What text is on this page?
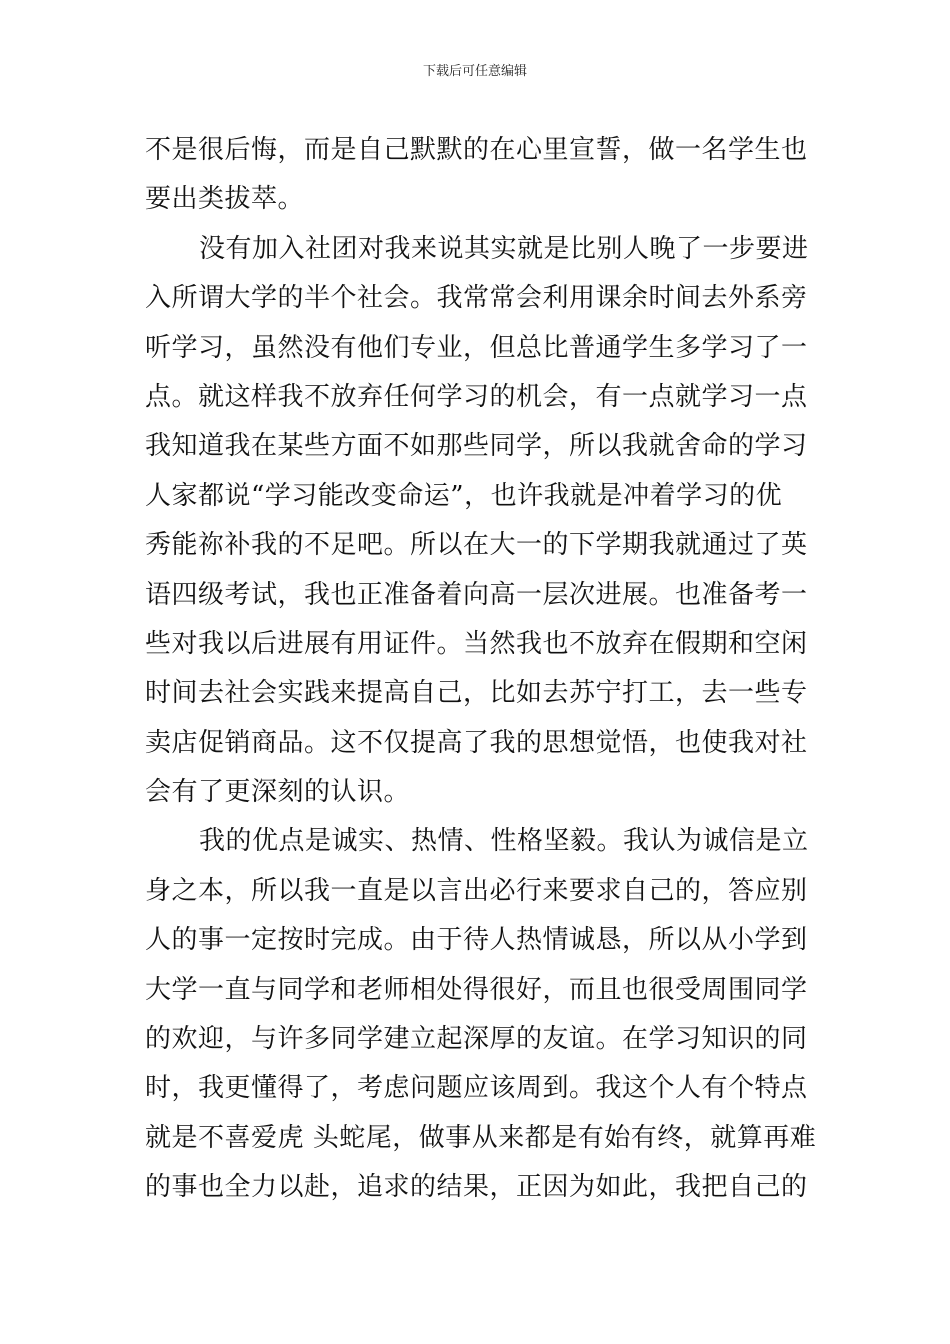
下载后可任意编辑
不是很后悔，而是自己默默的在心里宣誓，做一名学生也
要出类拔萃。
没有加入社团对我来说其实就是比别人晚了一步要进
入所谓大学的半个社会。我常常会利用课余时间去外系旁
听学习，虽然没有他们专业，但总比普通学生多学习了一
点。就这样我不放弃任何学习的机会，有一点就学习一点
我知道我在某些方面不如那些同学，所以我就舍命的学习
人家都说“学习能改变命运”，也许我就是冲着学习的优
秀能祢补我的不足吧。所以在大一的下学期我就通过了英
语四级考试，我也正准备着向高一层次进展。也准备考一
些对我以后进展有用证件。当然我也不放弃在假期和空闲
时间去社会实践来提高自己，比如去苏宁打工，去一些专
卖店促销商品。这不仅提高了我的思想觉悟，也使我对社
会有了更深刻的认识。
我的优点是诚实、热情、性格坚毅。我认为诚信是立
身之本，所以我一直是以言出必行来要求自己的，答应别
人的事一定按时完成。由于待人热情诚恳，所以从小学到
大学一直与同学和老师相处得很好，而且也很受周围同学
的欢迎，与许多同学建立起深厚的友谊。在学习知识的同
时，我更懂得了，考虑问题应该周到。我这个人有个特点
就是不喜爱虎 头蛇尾，做事从来都是有始有终，就算再难
的事也全力以赴，追求的结果，正因为如此，我把自己的
